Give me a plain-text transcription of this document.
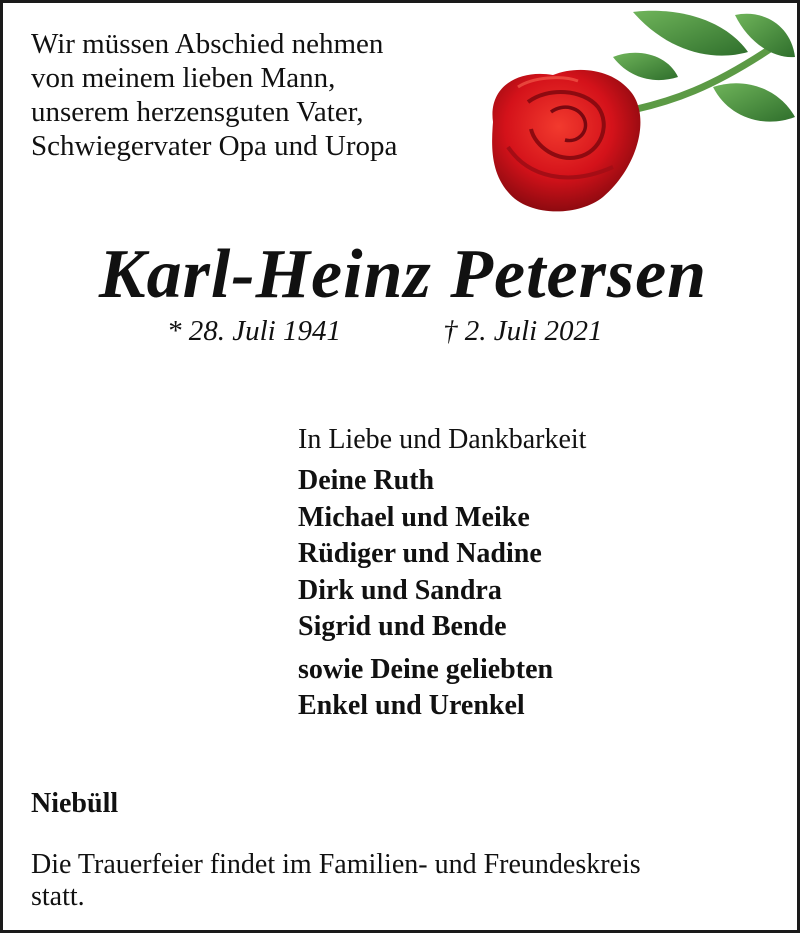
Wir müssen Abschied nehmen
von meinem lieben Mann,
unserem herzensguten Vater,
Schwiegervater Opa und Uropa
Karl-Heinz Petersen
* 28. Juli 1941	† 2. Juli 2021
In Liebe und Dankbarkeit
Deine Ruth
Michael und Meike
Rüdiger und Nadine
Dirk und Sandra
Sigrid und Bende
sowie Deine geliebten
Enkel und Urenkel
Niebüll
Die Trauerfeier findet im Familien- und Freundeskreis
statt.
